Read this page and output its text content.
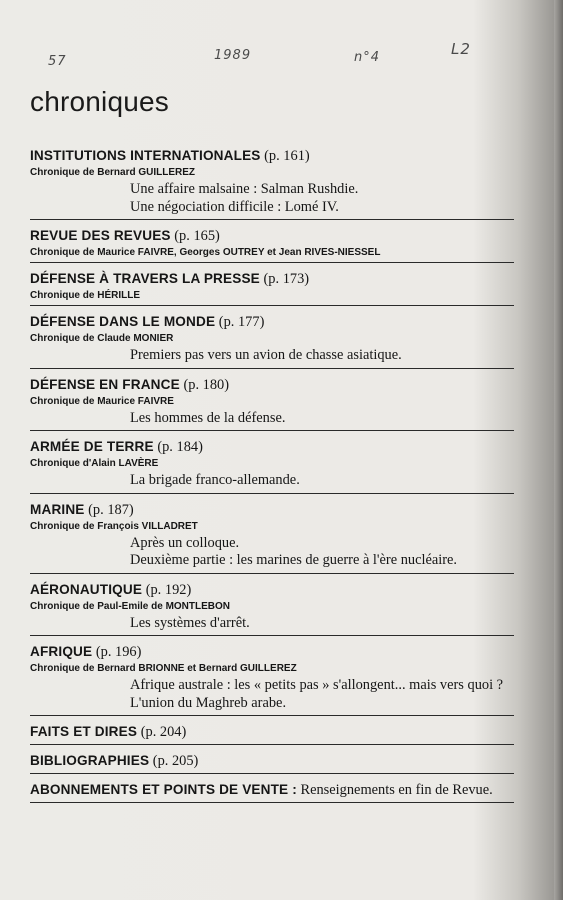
57	1989	n°4	L2
chroniques
INSTITUTIONS INTERNATIONALES (p. 161)
Chronique de Bernard GUILLEREZ
Une affaire malsaine : Salman Rushdie.
Une négociation difficile : Lomé IV.
REVUE DES REVUES (p. 165)
Chronique de Maurice FAIVRE, Georges OUTREY et Jean RIVES-NIESSEL
DÉFENSE À TRAVERS LA PRESSE (p. 173)
Chronique de HÉRILLE
DÉFENSE DANS LE MONDE (p. 177)
Chronique de Claude MONIER
Premiers pas vers un avion de chasse asiatique.
DÉFENSE EN FRANCE (p. 180)
Chronique de Maurice FAIVRE
Les hommes de la défense.
ARMÉE DE TERRE (p. 184)
Chronique d'Alain LAVÈRE
La brigade franco-allemande.
MARINE (p. 187)
Chronique de François VILLADRET
Après un colloque.
Deuxième partie : les marines de guerre à l'ère nucléaire.
AÉRONAUTIQUE (p. 192)
Chronique de Paul-Emile de MONTLEBON
Les systèmes d'arrêt.
AFRIQUE (p. 196)
Chronique de Bernard BRIONNE et Bernard GUILLEREZ
Afrique australe : les « petits pas » s'allongent... mais vers quoi ?
L'union du Maghreb arabe.
FAITS ET DIRES (p. 204)
BIBLIOGRAPHIES (p. 205)
ABONNEMENTS ET POINTS DE VENTE : Renseignements en fin de Revue.
